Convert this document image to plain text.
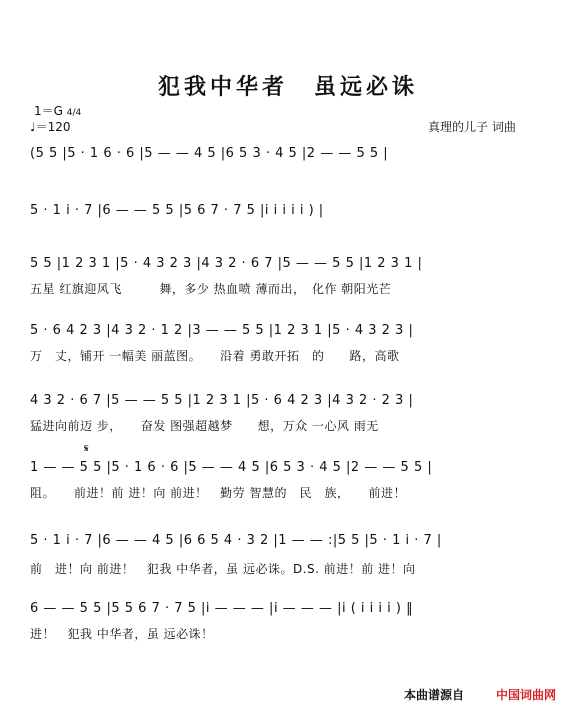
犯我中华者　虽远必诛
1＝G 4/4
♩＝120	真理的儿子 词曲
(5 5 |5 · 1 6 · 6 |5 — — 4 5 |6 5 3 · 4 5 |2 — — 5 5 |
5 · 1 i · 7 |6 — — 5 5 |5 6 7 · 7 5 |i i i i i ) |
5 5 |1 2 3 1 |5 · 4 3 2 3 |4 3 2 · 6 7 |5 — — 5 5 |1 2 3 1 |
五星 红旗迎风飞　　　舞，多少 热血喷 薄而出，　化作 朝阳光芒
5 · 6 4 2 3 |4 3 2 · 1 2 |3 — — 5 5 |1 2 3 1 |5 · 4 3 2 3 |
万　丈，铺开 一幅美 丽蓝图。　　沿着 勇敢开拓　的　　路，高歌
4 3 2 · 6 7 |5 — — 5 5 |1 2 3 1 |5 · 6 4 2 3 |4 3 2 · 2 3 |
猛进向前迈 步，　　奋发 图强超越梦　　想，万众 一心风 雨无
𝄋
1 — — 5 5 |5 · 1 6 · 6 |5 — — 4 5 |6 5 3 · 4 5 |2 — — 5 5 |
阻。　　前进！前 进！向 前进！　勤劳 智慧的　民　族，　　前进！
5 · 1 i · 7 |6 — — 4 5 |6 6 5 4 · 3 2 |1 — — :|5 5 |5 · 1 i · 7 |
前　进！向 前进！　犯我 中华者，虽 远必诛。D.S. 前进！前 进！向
6 — — 5 5 |5 5 6 7 · 7 5 |i — — — |i — — — |i ( i i i i ) ‖
进！　犯我 中华者，虽 远必诛！
本曲谱源自	中国词曲网
